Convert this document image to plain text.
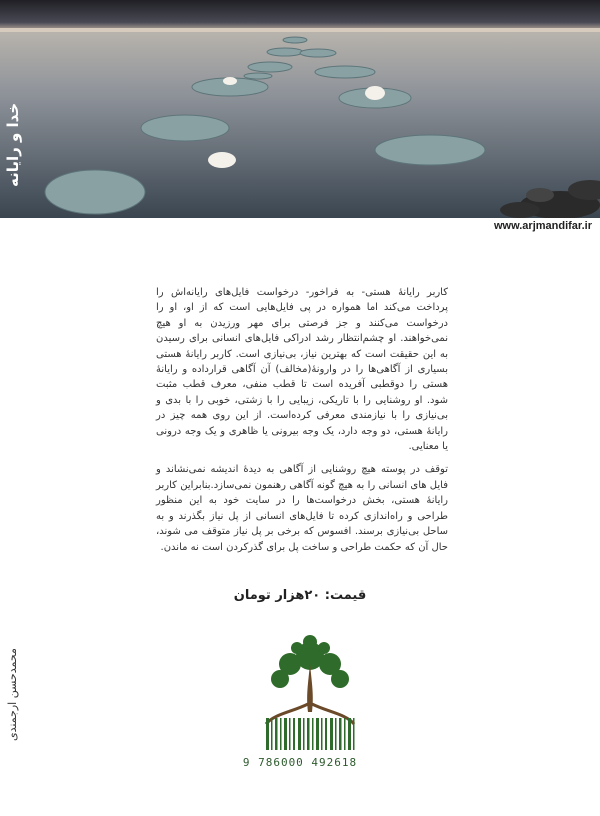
خدا و رایانه
www.arjmandifar.ir

کاربر رایانهٔ هستی- به فراخور- درخواست فایل‌های رایانه‌اش را پرداخت می‌کند اما همواره در پی فایل‌هایی است که از او، او را درخواست می‌کنند و جز فرصتی برای مهر ورزیدن به او هیچ نمی‌خواهند. او چشم‌انتظار رشد ادراکی فایل‌های انسانی برای رسیدن به این حقیقت است که بهترین نیاز، بی‌نیازی است. کاربر رایانهٔ هستی بسیاری از آگاهی‌ها را در وارونهٔ(مخالف) آن آگاهی قرارداده و رایانهٔ هستی را دوقطبی آفریده است تا قطب منفی، معرف قطب مثبت شود. او روشنایی را با تاریکی، زیبایی را با زشتی، خوبی را با بدی و بی‌نیازی را با نیازمندی معرفی کرده‌است. از این روی همه چیز در رایانهٔ هستی، دو وجه دارد، یک وجه بیرونی یا ظاهری و یک وجه درونی یا معنایی.

توقف در پوسته هیچ روشنایی از آگاهی به دیدهٔ اندیشه نمی‌نشاند و فایل های انسانی را به هیچ گونه آگاهی رهنمون نمی‌سازد.بنابراین کاربر رایانهٔ هستی، بخش درخواست‌ها را در سایت خود به این منظور طراحی و راه‌اندازی کرده تا فایل‌های انسانی از پل نیاز بگذرند و به ساحل بی‌نیازی برسند. افسوس که برخی بر پل نیاز متوقف می شوند، حال آن که حکمت طراحی و ساخت پل برای گذرکردن است نه ماندن.

قیمت: ۲۰هزار تومان
محمدحسن ارجمندی
9 786000 492618
